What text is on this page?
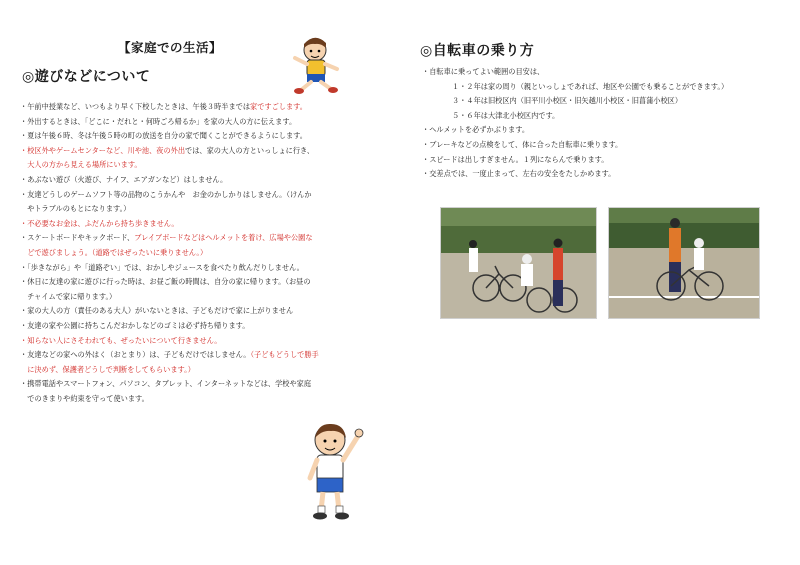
【家庭での生活】
◎遊びなどについて
・午前中授業など、いつもより早く下校したときは、午後３時半までは家ですごします。
・外出するときは、「どこに・だれと・何時ごろ帰るか」を家の大人の方に伝えます。
・夏は午後６時、冬は午後５時の町の放送を自分の家で聞くことができるようにします。
・校区外やゲームセンターなど、川や池、夜の外出では、家の大人の方といっしょに行き、
　大人の方から見える場所にいます。
・あぶない遊び（火遊び、ナイフ、エアガンなど）はしません。
・友達どうしのゲームソフト等の品物のこうかんや　お金のかしかりはしません。（けんか
　やトラブルのもとになります。）
・不必要なお金は、ふだんから持ち歩きません。
・スケートボードやキックボード、ブレイブボードなどはヘルメットを着け、広場や公園な
　どで遊びましょう。（道路ではぜったいに乗りません。）
・「歩きながら」や「道路ぞい」では、おかしやジュースを食べたり飲んだりしません。
・休日に友達の家に遊びに行った時は、お昼ご飯の時間は、自分の家に帰ります。（お昼の
　チャイムで家に帰ります。）
・家の大人の方（責任のある大人）がいないときは、子どもだけで家に上がりません
・友達の家や公園に持ちこんだおかしなどのゴミは必ず持ち帰ります。
・知らない人にさそわれても、ぜったいについて行きません。
・友達などの家への外はく（おとまり）は、子どもだけではしません。（子どもどうしで勝手
　に決めず、保護者どうしで判断をしてもらいます。）
・携帯電話やスマートフォン、パソコン、タブレット、インターネットなどは、学校や家庭
　でのきまりや約束を守って使います。
◎自転車の乗り方
・自転車に乗ってよい範囲の目安は、
１・２年は家の周り（親といっしょであれば、地区や公園でも乗ることができます。）
３・４年は旧校区内（旧平川小校区・旧矢越川小校区・旧菖蒲小校区）
５・６年は大津北小校区内です。
・ヘルメットを必ずかぶります。
・ブレーキなどの点検をして、体に合った自転車に乗ります。
・スピードは出しすぎません。１列にならんで乗ります。
・交差点では、一度止まって、左右の安全をたしかめます。
